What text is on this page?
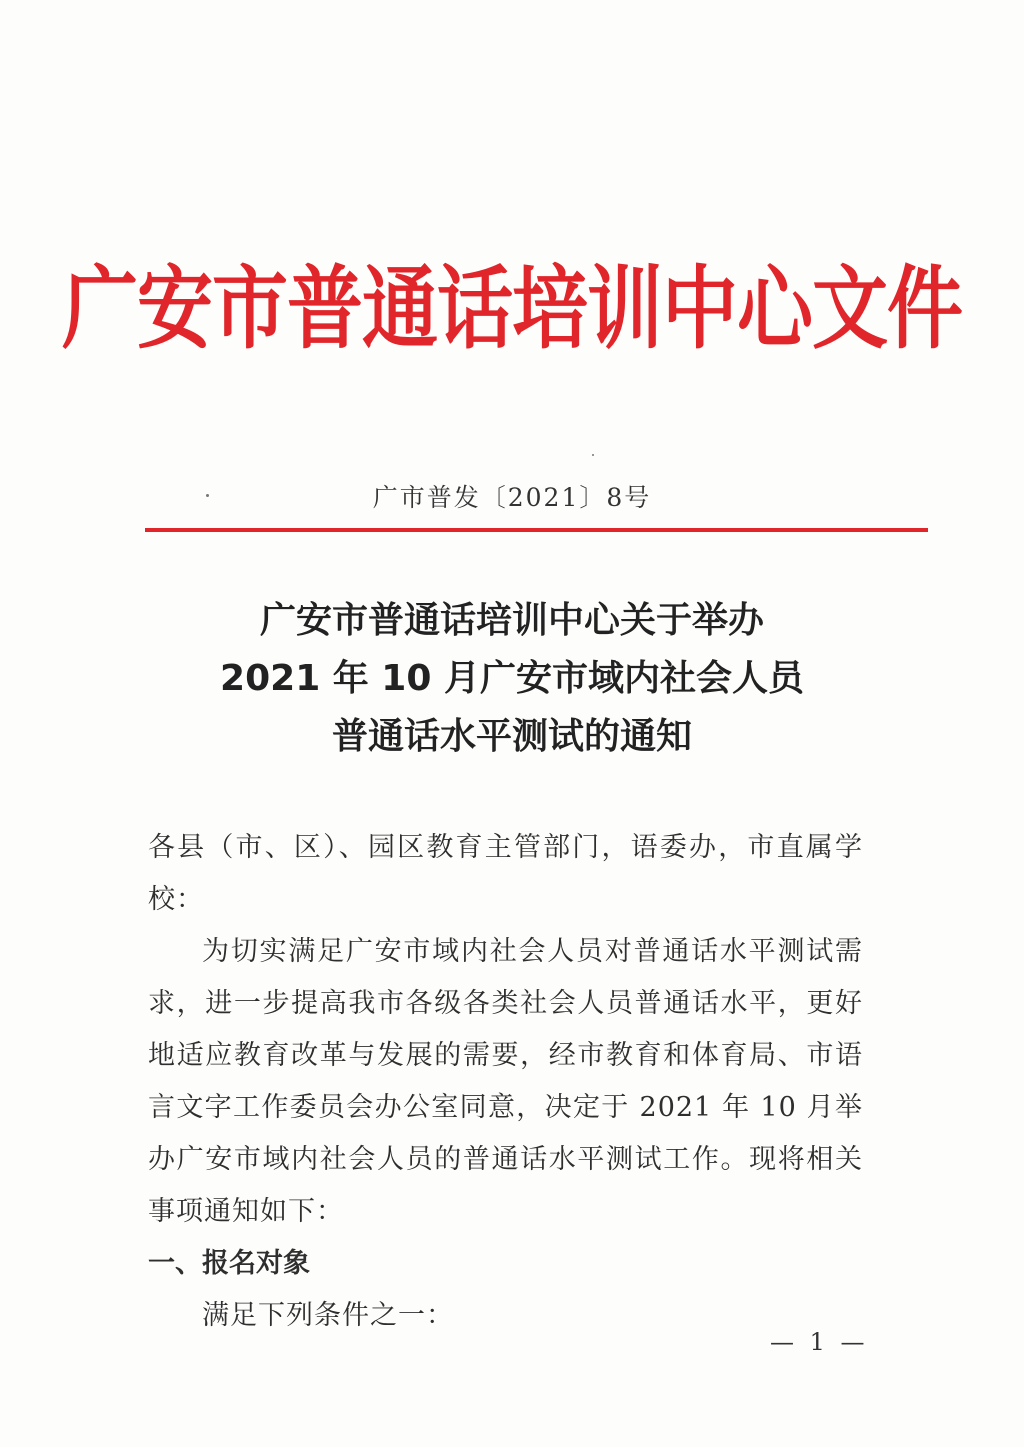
广安市普通话培训中心文件
广市普发〔2021〕8号
广安市普通话培训中心关于举办
2021 年 10 月广安市域内社会人员
普通话水平测试的通知

各县（市、区）、园区教育主管部门，语委办，市直属学校：

为切实满足广安市域内社会人员对普通话水平测试需求，进一步提高我市各级各类社会人员普通话水平，更好地适应教育改革与发展的需要，经市教育和体育局、市语言文字工作委员会办公室同意，决定于 2021 年 10 月举办广安市域内社会人员的普通话水平测试工作。现将相关事项通知如下：

一、报名对象

满足下列条件之一：

— 1 —
